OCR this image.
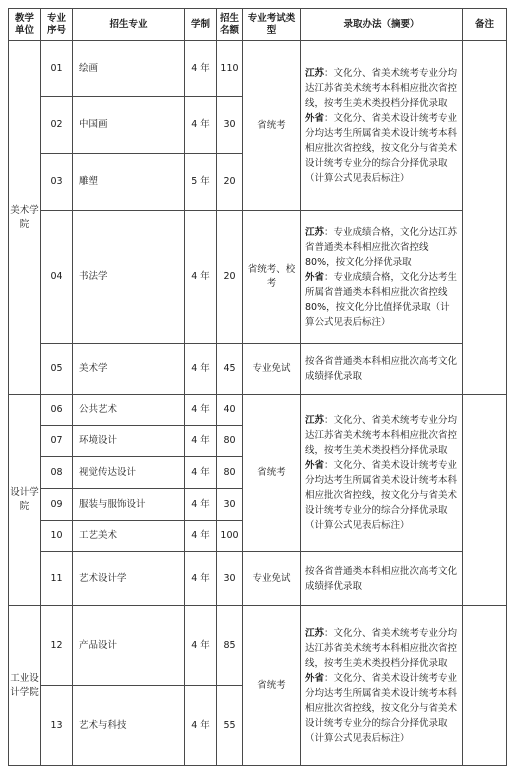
教学单位	专业序号	招生专业	学制	招生名额	专业考试类型	录取办法（摘要）	备注
美术学院	01	绘画	4 年	110	省统考	江苏：文化分、省美术统考专业分均达江苏省美术统考本科相应批次省控线，按考生美术类投档分择优录取
外省：文化分、省美术设计统考专业分均达考生所属省美术设计统考本科相应批次省控线，按文化分与省美术设计统考专业分的综合分择优录取（计算公式见表后标注）	
	02	中国画	4 年	30			
	03	雕塑	5 年	20			
	04	书法学	4 年	20	省统考、校考	江苏：专业成绩合格，文化分达江苏省普通类本科相应批次省控线 80%，按文化分择优录取
外省：专业成绩合格，文化分达考生所属省普通类本科相应批次省控线 80%，按文化分比值择优录取（计算公式见表后标注）	
	05	美术学	4 年	45	专业免试	按各省普通类本科相应批次高考文化成绩择优录取	
设计学院	06	公共艺术	4 年	40	省统考	江苏：文化分、省美术统考专业分均达江苏省美术统考本科相应批次省控线，按考生美术类投档分择优录取
外省：文化分、省美术设计统考专业分均达考生所属省美术设计统考本科相应批次省控线，按文化分与省美术设计统考专业分的综合分择优录取（计算公式见表后标注）	
	07	环境设计	4 年	80			
	08	视觉传达设计	4 年	80			
	09	服装与服饰设计	4 年	30			
	10	工艺美术	4 年	100			
	11	艺术设计学	4 年	30	专业免试	按各省普通类本科相应批次高考文化成绩择优录取	
工业设计学院	12	产品设计	4 年	85	省统考	江苏：文化分、省美术统考专业分均达江苏省美术统考本科相应批次省控线，按考生美术类投档分择优录取
外省：文化分、省美术设计统考专业分均达考生所属省美术设计统考本科相应批次省控线，按文化分与省美术设计统考专业分的综合分择优录取（计算公式见表后标注）	
	13	艺术与科技	4 年	55			
